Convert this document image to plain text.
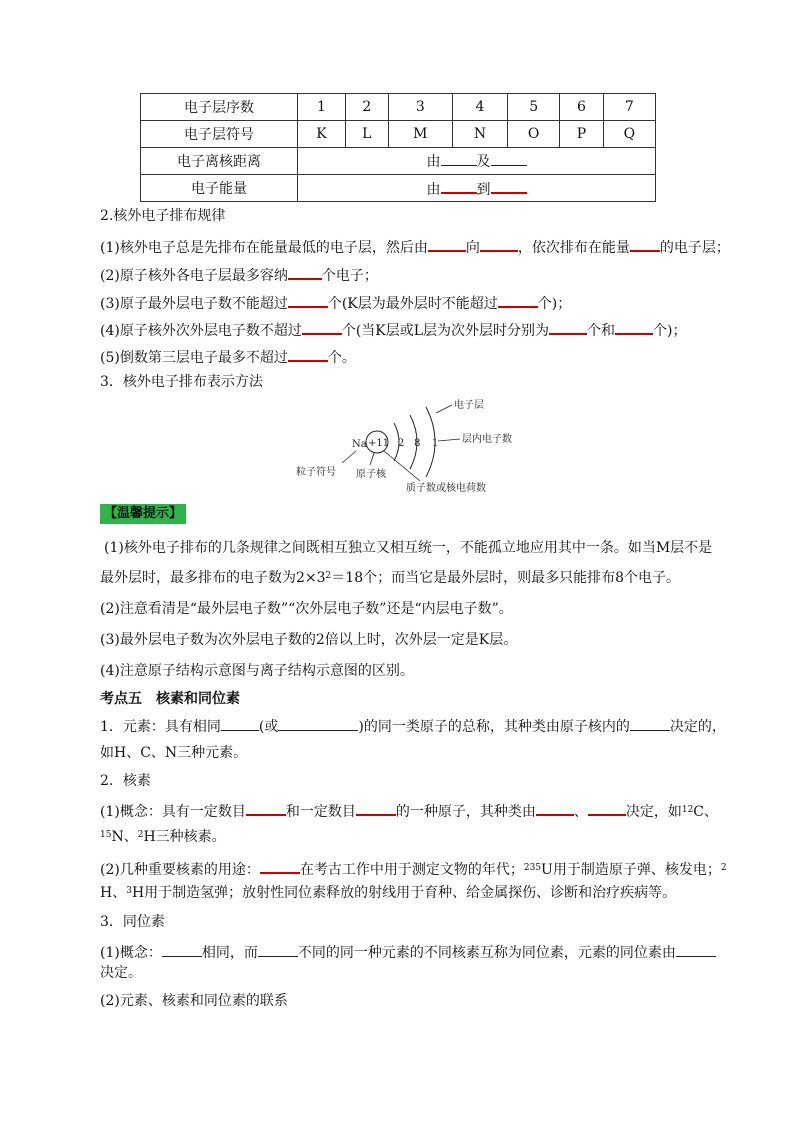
电子层序数	1	2	3	4	5	6	7
电子层符号	K	L	M	N	O	P	Q
电子离核距离	由 及						
电子能量	由 到						
2.核外电子排布规律
(1)核外电子总是先排布在能量最低的电子层，然后由	向	，依次排布在能量 的电子层；
(2)原子核外各电子层最多容纳 个电子；
(3)原子最外层电子数不能超过	个(K层为最外层时不能超过	个)；
(4)原子核外次外层电子数不超过	个(当K层或L层为次外层时分别为	个和	个)；
(5)倒数第三层电子最多不超过	个。
3．核外电子排布表示方法
Na +11 2 8 1
电子层
层内电子数
粒子符号 原子核
质子数或核电荷数
【温馨提示】
(1)核外电子排布的几条规律之间既相互独立又相互统一，不能孤立地应用其中一条。如当M层不是
最外层时，最多排布的电子数为$2\times 3^2=18$个；而当它是最外层时，则最多只能排布8个电子。
(2)注意看清是“最外层电子数”“次外层电子数”还是“内层电子数”。
(3)最外层电子数为次外层电子数的2倍以上时，次外层一定是K层。
(4)注意原子结构示意图与离子结构示意图的区别。
考点五　核素和同位素
1．元素：具有相同	(或	)的同一类原子的总称，其种类由原子核内的	决定的，
如H、C、N三种元素。
2．核素
(1)概念：具有一定数目	和一定数目	的一种原子，其种类由	、	决定，如$^{12}$C、
$^{15}$N、$^2$H三种核素。
(2)几种重要核素的用途：	在考古工作中用于测定文物的年代；$^{235}$U用于制造原子弹、核发电；$^2$
H、$^3$H用于制造氢弹；放射性同位素释放的射线用于育种、给金属探伤、诊断和治疗疾病等。
3．同位素
(1)概念：	相同，而	不同的同一种元素的不同核素互称为同位素，元素的同位素由
决定。
(2)元素、核素和同位素的联系
